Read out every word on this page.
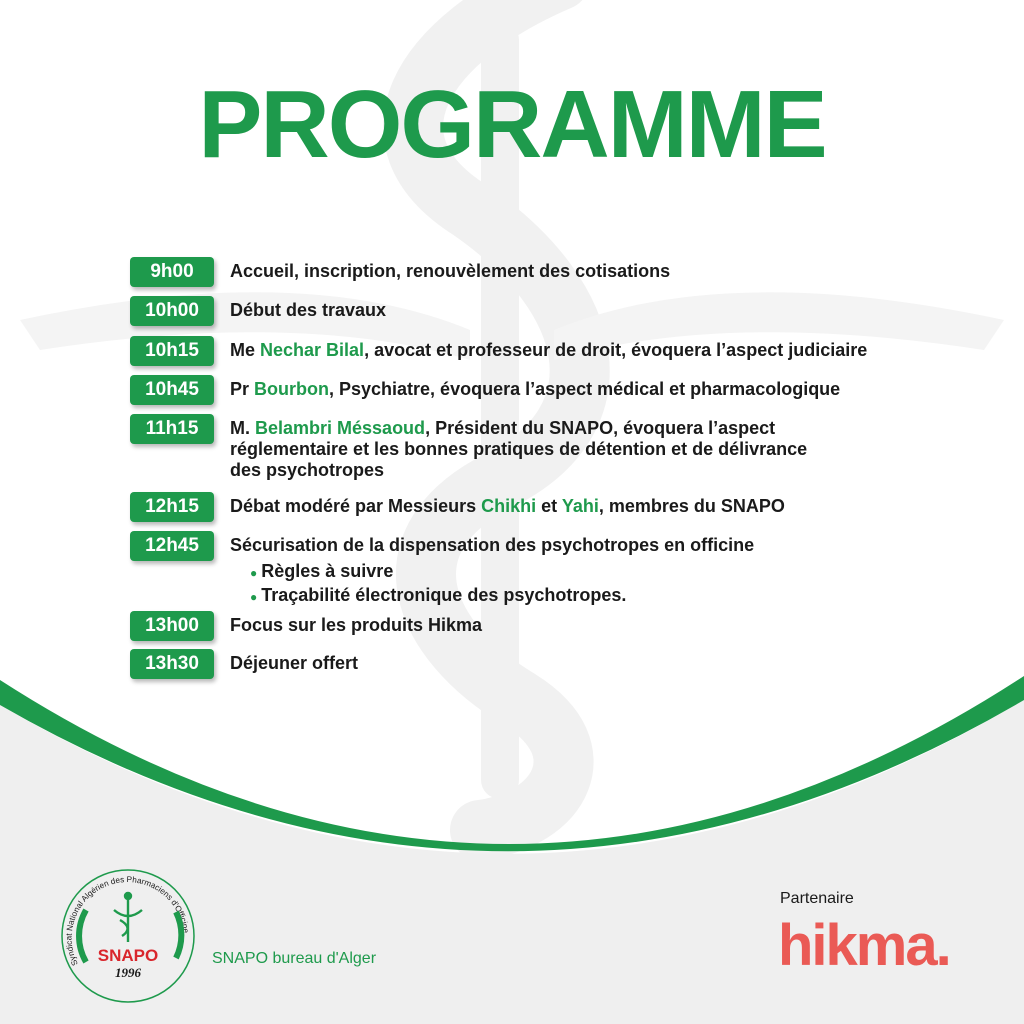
PROGRAMME
9h00	Accueil, inscription, renouvèlement des cotisations
10h00	Début des travaux
10h15	Me Nechar Bilal, avocat et professeur de droit, évoquera l’aspect judiciaire
10h45	Pr Bourbon, Psychiatre, évoquera l’aspect médical et pharmacologique
11h15	M. Belambri Méssaoud, Président du SNAPO, évoquera l’aspect
réglementaire et les bonnes pratiques de détention et de délivrance
des psychotropes
12h15	Débat modéré par Messieurs Chikhi et Yahi, membres du SNAPO
12h45	Sécurisation de la dispensation des psychotropes en officine
● Règles à suivre
● Traçabilité électronique des psychotropes.
13h00	Focus sur les produits Hikma
13h30	Déjeuner offert
Syndicat National Algérien des Pharmaciens d'Officine
SNAPO
1996
SNAPO bureau d'Alger
Partenaire
hikma.
